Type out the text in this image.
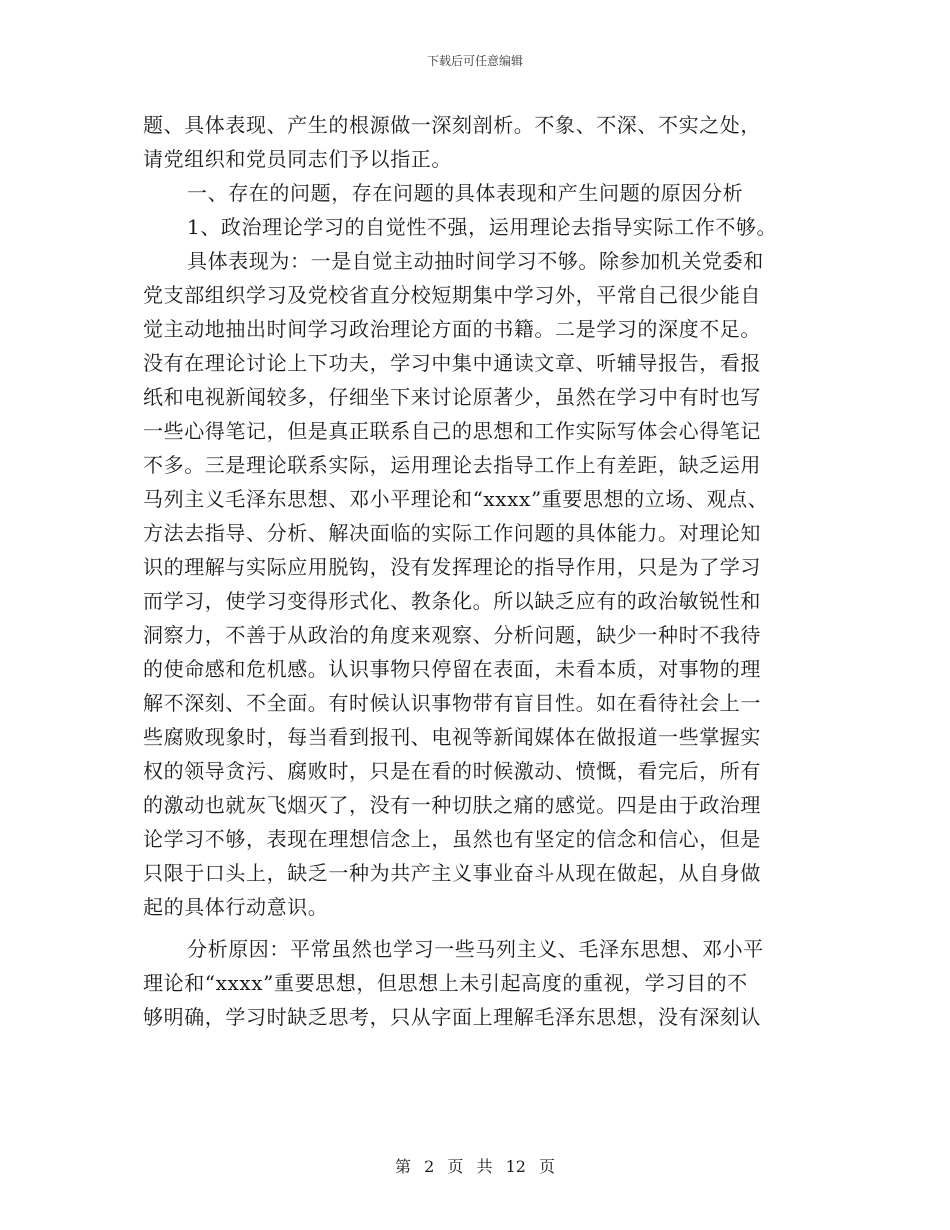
下载后可任意编辑
题、具体表现、产生的根源做一深刻剖析。不象、不深、不实之处，
请党组织和党员同志们予以指正。
一、存在的问题，存在问题的具体表现和产生问题的原因分析
1、政治理论学习的自觉性不强，运用理论去指导实际工作不够。
具体表现为：一是自觉主动抽时间学习不够。除参加机关党委和
党支部组织学习及党校省直分校短期集中学习外，平常自己很少能自
觉主动地抽出时间学习政治理论方面的书籍。二是学习的深度不足。
没有在理论讨论上下功夫，学习中集中通读文章、听辅导报告，看报
纸和电视新闻较多，仔细坐下来讨论原著少，虽然在学习中有时也写
一些心得笔记，但是真正联系自己的思想和工作实际写体会心得笔记
不多。三是理论联系实际，运用理论去指导工作上有差距，缺乏运用
马列主义毛泽东思想、邓小平理论和“xxxx”重要思想的立场、观点、
方法去指导、分析、解决面临的实际工作问题的具体能力。对理论知
识的理解与实际应用脱钩，没有发挥理论的指导作用，只是为了学习
而学习，使学习变得形式化、教条化。所以缺乏应有的政治敏锐性和
洞察力，不善于从政治的角度来观察、分析问题，缺少一种时不我待
的使命感和危机感。认识事物只停留在表面，未看本质，对事物的理
解不深刻、不全面。有时候认识事物带有盲目性。如在看待社会上一
些腐败现象时，每当看到报刊、电视等新闻媒体在做报道一些掌握实
权的领导贪污、腐败时，只是在看的时候激动、愤慨，看完后，所有
的激动也就灰飞烟灭了，没有一种切肤之痛的感觉。四是由于政治理
论学习不够，表现在理想信念上，虽然也有坚定的信念和信心，但是
只限于口头上，缺乏一种为共产主义事业奋斗从现在做起，从自身做
起的具体行动意识。
分析原因：平常虽然也学习一些马列主义、毛泽东思想、邓小平
理论和“xxxx”重要思想，但思想上未引起高度的重视，学习目的不
够明确，学习时缺乏思考，只从字面上理解毛泽东思想，没有深刻认
第 2 页 共 12 页
